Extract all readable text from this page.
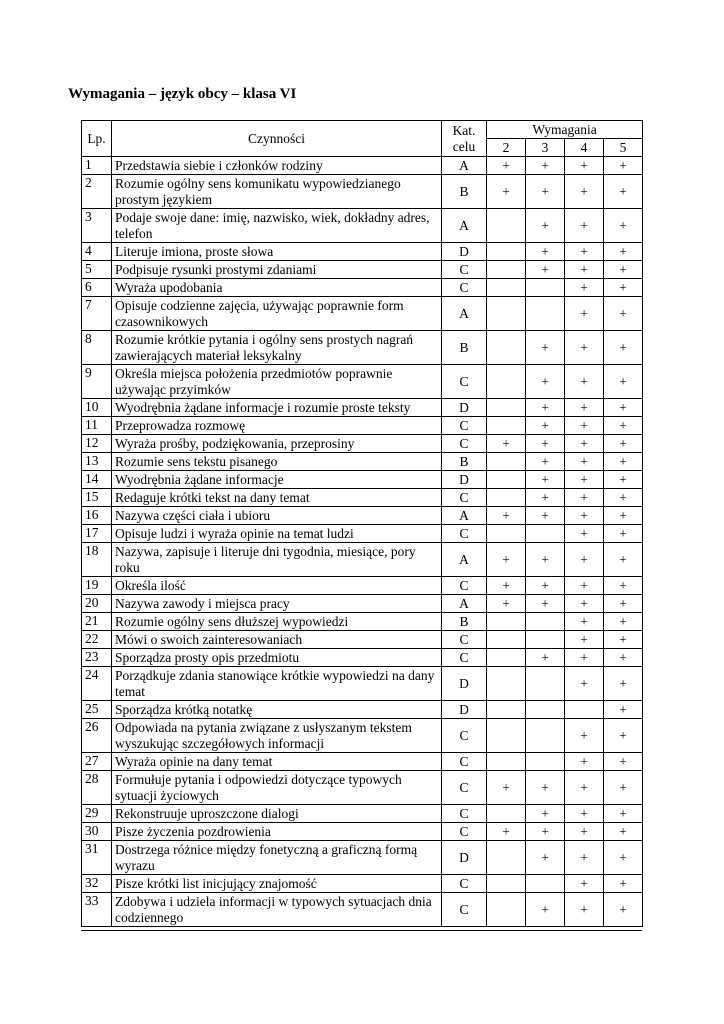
Wymagania – język obcy – klasa VI
Lp.	Czynności	Kat.
celu	Wymagania			
			2	3	4	5
1	Przedstawia siebie i członków rodziny	A	+	+	+	+
2	Rozumie ogólny sens komunikatu wypowiedzianego prostym językiem	B	+	+	+	+
3	Podaje swoje dane: imię, nazwisko, wiek, dokładny adres, telefon	A		+	+	+
4	Literuje imiona, proste słowa	D		+	+	+
5	Podpisuje rysunki prostymi zdaniami	C		+	+	+
6	Wyraża upodobania	C			+	+
7	Opisuje codzienne zajęcia, używając poprawnie form czasownikowych	A			+	+
8	Rozumie krótkie pytania i ogólny sens prostych nagrań zawierających materiał leksykalny	B		+	+	+
9	Określa miejsca położenia przedmiotów poprawnie używając przyimków	C		+	+	+
10	Wyodrębnia żądane informacje i rozumie proste teksty	D		+	+	+
11	Przeprowadza rozmowę	C		+	+	+
12	Wyraża prośby, podziękowania, przeprosiny	C	+	+	+	+
13	Rozumie sens tekstu pisanego	B		+	+	+
14	Wyodrębnia żądane informacje	D		+	+	+
15	Redaguje krótki tekst na dany temat	C		+	+	+
16	Nazywa części ciała i ubioru	A	+	+	+	+
17	Opisuje ludzi i wyraża opinie na temat ludzi	C			+	+
18	Nazywa, zapisuje i literuje dni tygodnia, miesiące, pory roku	A	+	+	+	+
19	Określa ilość	C	+	+	+	+
20	Nazywa zawody i miejsca pracy	A	+	+	+	+
21	Rozumie ogólny sens dłuższej wypowiedzi	B			+	+
22	Mówi o swoich zainteresowaniach	C			+	+
23	Sporządza prosty opis przedmiotu	C		+	+	+
24	Porządkuje zdania stanowiące krótkie wypowiedzi na dany temat	D			+	+
25	Sporządza krótką notatkę	D				+
26	Odpowiada na pytania związane z usłyszanym tekstem wyszukując szczegółowych informacji	C			+	+
27	Wyraża opinie na dany temat	C			+	+
28	Formułuje pytania i odpowiedzi dotyczące typowych sytuacji życiowych	C	+	+	+	+
29	Rekonstruuje uproszczone dialogi	C		+	+	+
30	Pisze życzenia pozdrowienia	C	+	+	+	+
31	Dostrzega różnice między fonetyczną a graficzną formą wyrazu	D		+	+	+
32	Pisze krótki list inicjujący znajomość	C			+	+
33	Zdobywa i udziela informacji w typowych sytuacjach dnia codziennego	C		+	+	+
